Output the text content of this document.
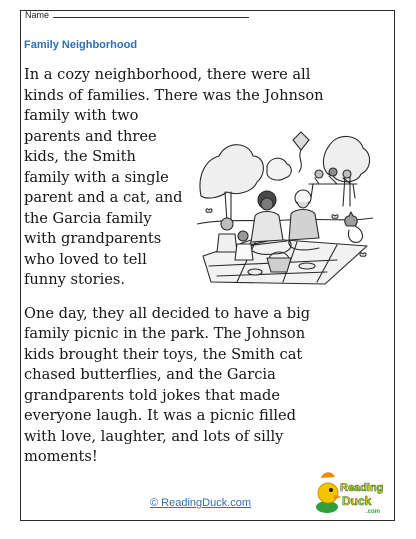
Name
Family Neighborhood

In a cozy neighborhood, there were all
kinds of families. There was the Johnson
family with two
parents and three
kids, the Smith
family with a single
parent and a cat, and
the Garcia family
with grandparents
who loved to tell
funny stories.

One day, they all decided to have a big
family picnic in the park. The Johnson
kids brought their toys, the Smith cat
chased butterflies, and the Garcia
grandparents told jokes that made
everyone laugh. It was a picnic filled
with love, laughter, and lots of silly
moments!

© ReadingDuck.com
Reading
Duck
.com
